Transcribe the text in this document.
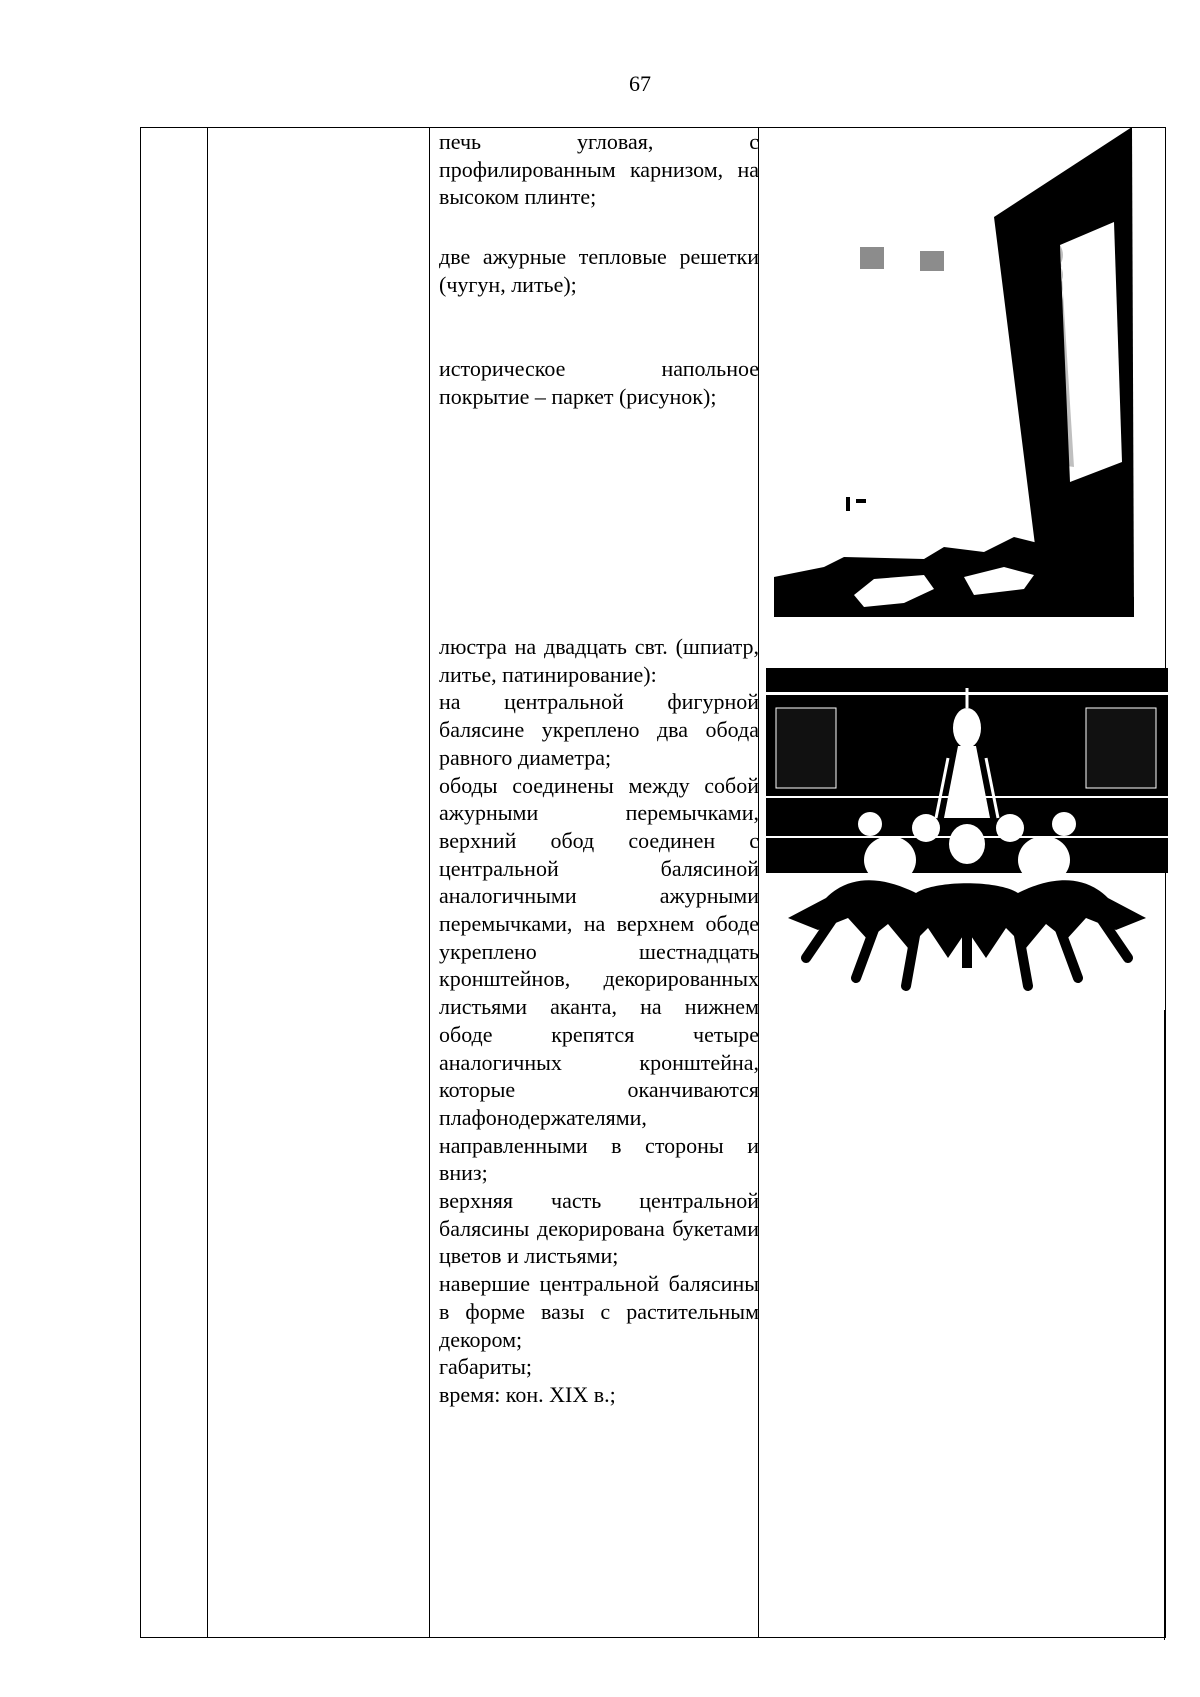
67

печь угловая, с профилированным карнизом, на высоком плинте;

две ажурные тепловые решетки (чугун, литье);

историческое напольное покрытие – паркет (рисунок);

люстра на двадцать свт. (шпиатр, литье, патинирование):

на центральной фигурной балясине укреплено два обода равного диаметра;

ободы соединены между собой ажурными перемычками, верхний обод соединен с центральной балясиной аналогичными ажурными перемычками, на верхнем ободе укреплено шестнадцать кронштейнов, декорированных листьями аканта, на нижнем ободе крепятся четыре аналогичных кронштейна, которые оканчиваются плафонодержателями, направленными в стороны и вниз;

верхняя часть центральной балясины декорирована букетами цветов и листьями;

навершие центральной балясины в форме вазы с растительным декором;

габариты;

время: кон. XIX в.;
